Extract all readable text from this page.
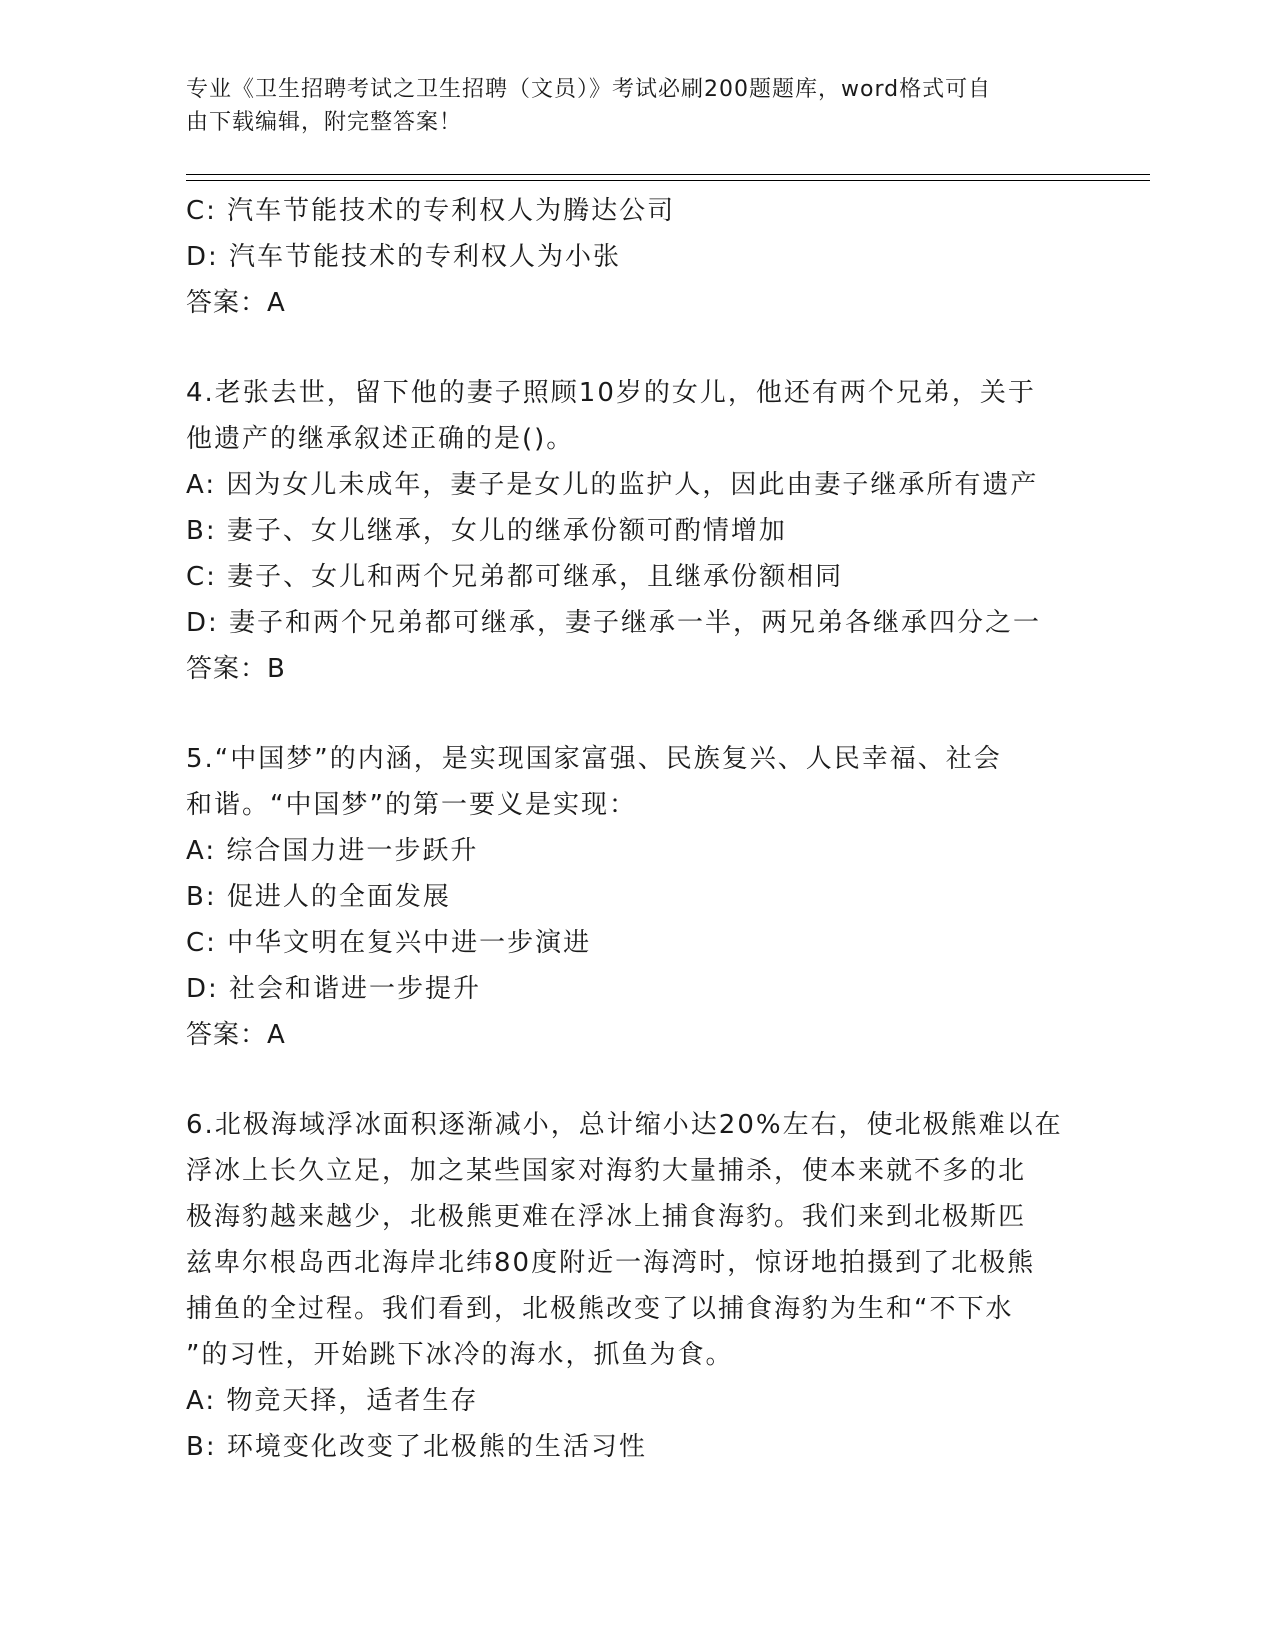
专业《卫生招聘考试之卫生招聘（文员）》考试必刷200题题库，word格式可自
由下载编辑，附完整答案！
C: 汽车节能技术的专利权人为腾达公司
D: 汽车节能技术的专利权人为小张
答案：A
4.老张去世，留下他的妻子照顾10岁的女儿，他还有两个兄弟，关于
他遗产的继承叙述正确的是()。
A: 因为女儿未成年，妻子是女儿的监护人，因此由妻子继承所有遗产
B: 妻子、女儿继承，女儿的继承份额可酌情增加
C: 妻子、女儿和两个兄弟都可继承，且继承份额相同
D: 妻子和两个兄弟都可继承，妻子继承一半，两兄弟各继承四分之一
答案：B
5.“中国梦”的内涵，是实现国家富强、民族复兴、人民幸福、社会
和谐。“中国梦”的第一要义是实现：
A: 综合国力进一步跃升
B: 促进人的全面发展
C: 中华文明在复兴中进一步演进
D: 社会和谐进一步提升
答案：A
6.北极海域浮冰面积逐渐减小，总计缩小达20%左右，使北极熊难以在
浮冰上长久立足，加之某些国家对海豹大量捕杀，使本来就不多的北
极海豹越来越少，北极熊更难在浮冰上捕食海豹。我们来到北极斯匹
兹卑尔根岛西北海岸北纬80度附近一海湾时，惊讶地拍摄到了北极熊
捕鱼的全过程。我们看到，北极熊改变了以捕食海豹为生和“不下水
”的习性，开始跳下冰冷的海水，抓鱼为食。
A: 物竞天择，适者生存
B: 环境变化改变了北极熊的生活习性
